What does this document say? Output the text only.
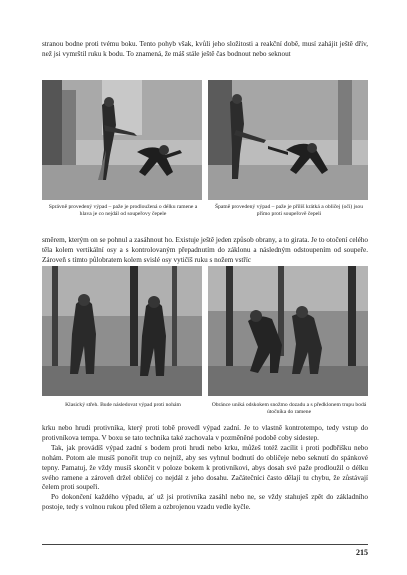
stranou bodne proti tvému boku. Tento pohyb však, kvůli jeho složitosti a reakční době, musí zahájit ještě dřív, než jsi vymrštil ruku k bodu. To znamená, že máš stále ještě čas bodnout nebo seknout

Správně provedený výpad – paže je prodloužená o délku ramene a hlava je co nejdál od soupeřovy čepele
Špatně provedený výpad – paže je příliš krátká a obličej (oči) jsou přímo proti soupeřově čepeli

směrem, kterým on se pohnul a zasáhnout ho. Existuje ještě jeden způsob obrany, a to girata. Je to otočení celého těla kolem vertikální osy a s kontrolovaným přepadnutím do záklonu a následným odstoupením od soupeře. Zároveň s tímto půlobratem kolem svislé osy vytičíš ruku s nožem vstříc

Klasický střeh. Bude následovat výpad proti nohám	Obránce uniká odskokem snožmo dozadu a s předklonem trupu bodá útočníka do ramene

krku nebo hrudi protivníka, který proti tobě provedl výpad zadní. Je to vlastně kontrotempo, tedy vstup do protivníkova tempa. V boxu se tato technika také zachovala v pozměněné podobě coby sidestep.

Tak, jak provádíš výpad zadní s bodem proti hrudi nebo krku, můžeš totéž zacílit i proti podbřišku nebo nohám. Potom ale musíš ponořit trup co nejníž, aby ses vyhnul bodnutí do obličeje nebo seknutí do spánkové tepny. Pamatuj, že vždy musíš skončit v poloze bokem k protivníkovi, abys dosah své paže prodloužil o délku svého ramene a zároveň držel obličej co nejdál z jeho dosahu. Začátečníci často dělají tu chybu, že zůstávají čelem proti soupeři.

Po dokončení každého výpadu, ať už jsi protivníka zasáhl nebo ne, se vždy stahuješ zpět do základního postoje, tedy s volnou rukou před tělem a ozbrojenou vzadu vedle kyčle.

215
